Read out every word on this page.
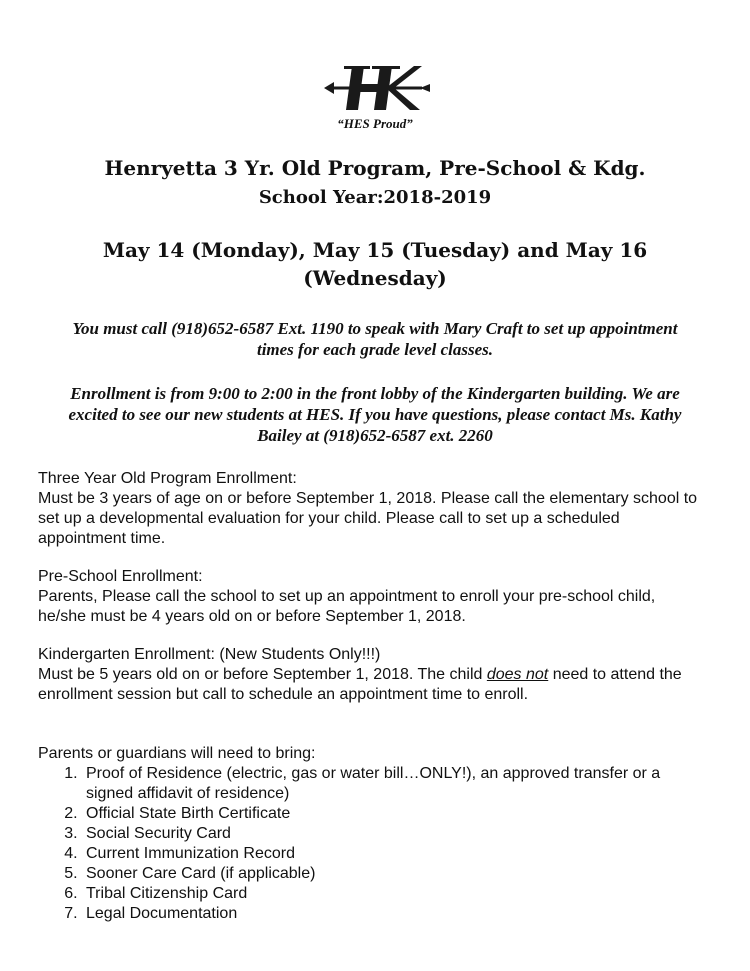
“HES Proud”
Henryetta 3 Yr. Old Program, Pre-School & Kdg.
School Year:2018-2019
May 14 (Monday), May 15 (Tuesday) and May 16 (Wednesday)
You must call (918)652-6587 Ext. 1190 to speak with Mary Craft to set up appointment times for each grade level classes.
Enrollment is from 9:00 to 2:00 in the front lobby of the Kindergarten building. We are excited to see our new students at HES. If you have questions, please contact Ms. Kathy Bailey at (918)652-6587 ext. 2260

Three Year Old Program Enrollment:

Must be 3 years of age on or before September 1, 2018. Please call the elementary school to set up a developmental evaluation for your child. Please call to set up a scheduled appointment time.

Pre-School Enrollment:

Parents, Please call the school to set up an appointment to enroll your pre-school child, he/she must be 4 years old on or before September 1, 2018.

Kindergarten Enrollment: (New Students Only!!!)

Must be 5 years old on or before September 1, 2018. The child does not need to attend the enrollment session but call to schedule an appointment time to enroll.

Parents or guardians will need to bring:

1. Proof of Residence (electric, gas or water bill…ONLY!), an approved transfer or a signed affidavit of residence)
2. Official State Birth Certificate
3. Social Security Card
4. Current Immunization Record
5. Sooner Care Card (if applicable)
6. Tribal Citizenship Card
7. Legal Documentation
